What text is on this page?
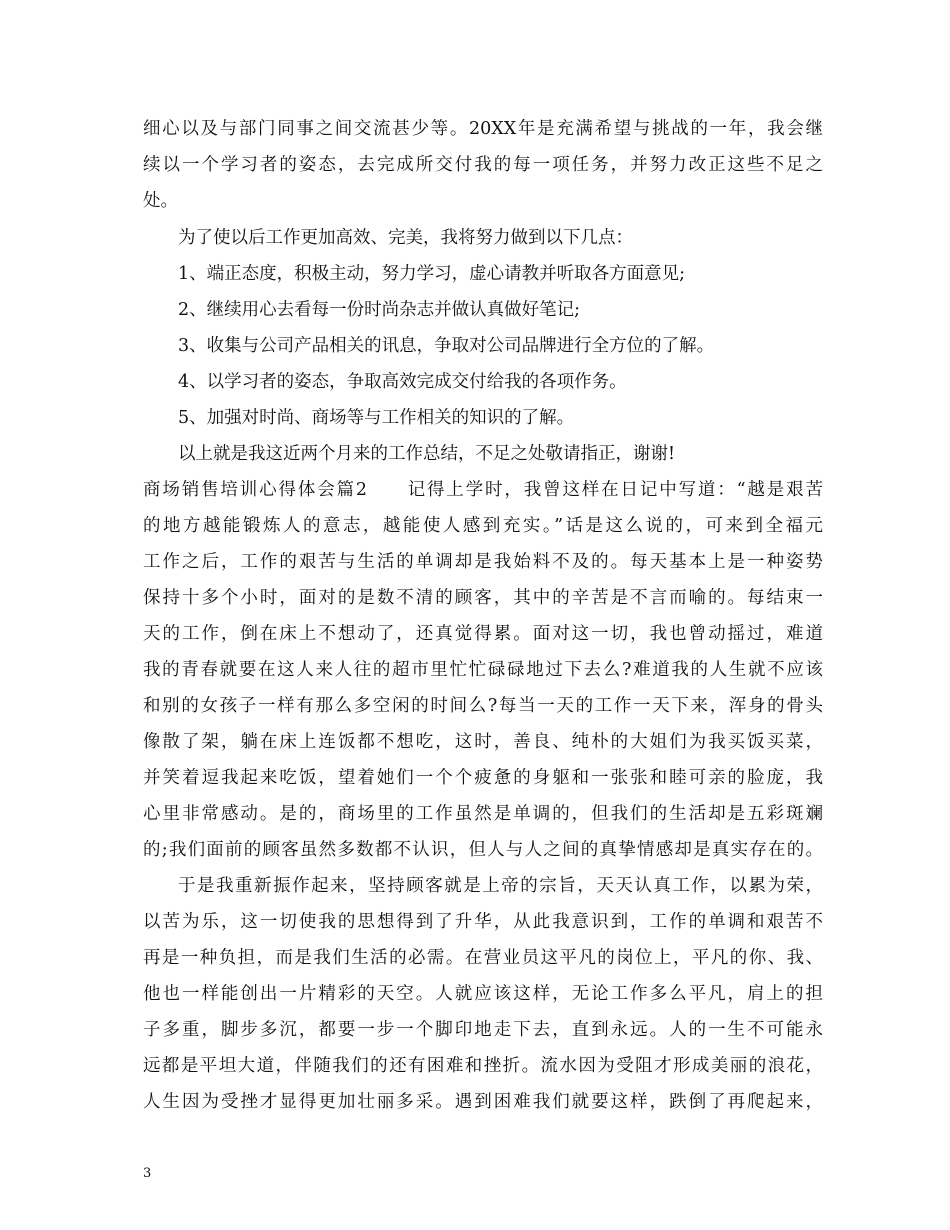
细心以及与部门同事之间交流甚少等。20XX年是充满希望与挑战的一年，我会继
续以一个学习者的姿态，去完成所交付我的每一项任务，并努力改正这些不足之
处。
为了使以后工作更加高效、完美，我将努力做到以下几点：
1、端正态度，积极主动，努力学习，虚心请教并听取各方面意见;
2、继续用心去看每一份时尚杂志并做认真做好笔记;
3、收集与公司产品相关的讯息，争取对公司品牌进行全方位的了解。
4、以学习者的姿态，争取高效完成交付给我的各项作务。
5、加强对时尚、商场等与工作相关的知识的了解。
以上就是我这近两个月来的工作总结，不足之处敬请指正，谢谢!
商场销售培训心得体会篇2　　记得上学时，我曾这样在日记中写道：“越是艰苦
的地方越能锻炼人的意志，越能使人感到充实。”话是这么说的，可来到全福元
工作之后，工作的艰苦与生活的单调却是我始料不及的。每天基本上是一种姿势
保持十多个小时，面对的是数不清的顾客，其中的辛苦是不言而喻的。每结束一
天的工作，倒在床上不想动了，还真觉得累。面对这一切，我也曾动摇过，难道
我的青春就要在这人来人往的超市里忙忙碌碌地过下去么?难道我的人生就不应该
和别的女孩子一样有那么多空闲的时间么?每当一天的工作一天下来，浑身的骨头
像散了架，躺在床上连饭都不想吃，这时，善良、纯朴的大姐们为我买饭买菜，
并笑着逗我起来吃饭，望着她们一个个疲惫的身躯和一张张和睦可亲的脸庞，我
心里非常感动。是的，商场里的工作虽然是单调的，但我们的生活却是五彩斑斓
的;我们面前的顾客虽然多数都不认识，但人与人之间的真挚情感却是真实存在的。
于是我重新振作起来，坚持顾客就是上帝的宗旨，天天认真工作，以累为荣，
以苦为乐，这一切使我的思想得到了升华，从此我意识到，工作的单调和艰苦不
再是一种负担，而是我们生活的必需。在营业员这平凡的岗位上，平凡的你、我、
他也一样能创出一片精彩的天空。人就应该这样，无论工作多么平凡，肩上的担
子多重，脚步多沉，都要一步一个脚印地走下去，直到永远。人的一生不可能永
远都是平坦大道，伴随我们的还有困难和挫折。流水因为受阻才形成美丽的浪花，
人生因为受挫才显得更加壮丽多采。遇到困难我们就要这样，跌倒了再爬起来，
3
